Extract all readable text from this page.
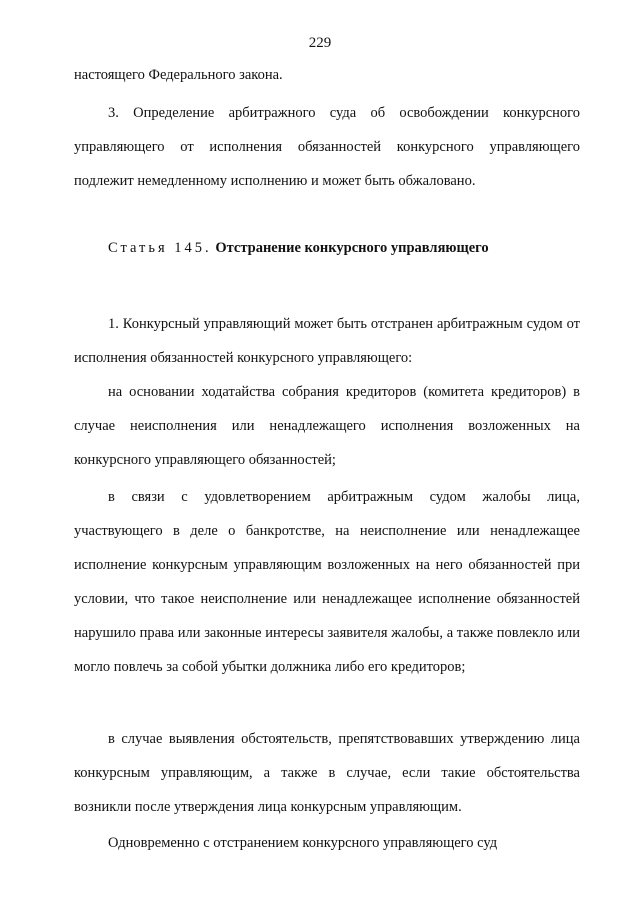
229

настоящего Федерального закона.

3. Определение арбитражного суда об освобождении конкурсного управляющего от исполнения обязанностей конкурсного управляющего подлежит немедленному исполнению и может быть обжаловано.

Статья 145. Отстранение конкурсного управляющего

1. Конкурсный управляющий может быть отстранен арбитражным судом от исполнения обязанностей конкурсного управляющего:

на основании ходатайства собрания кредиторов (комитета кредиторов) в случае неисполнения или ненадлежащего исполнения возложенных на конкурсного управляющего обязанностей;

в связи с удовлетворением арбитражным судом жалобы лица, участвующего в деле о банкротстве, на неисполнение или ненадлежащее исполнение конкурсным управляющим возложенных на него обязанностей при условии, что такое неисполнение или ненадлежащее исполнение обязанностей нарушило права или законные интересы заявителя жалобы, а также повлекло или могло повлечь за собой убытки должника либо его кредиторов;

в случае выявления обстоятельств, препятствовавших утверждению лица конкурсным управляющим, а также в случае, если такие обстоятельства возникли после утверждения лица конкурсным управляющим.

Одновременно с отстранением конкурсного управляющего суд
